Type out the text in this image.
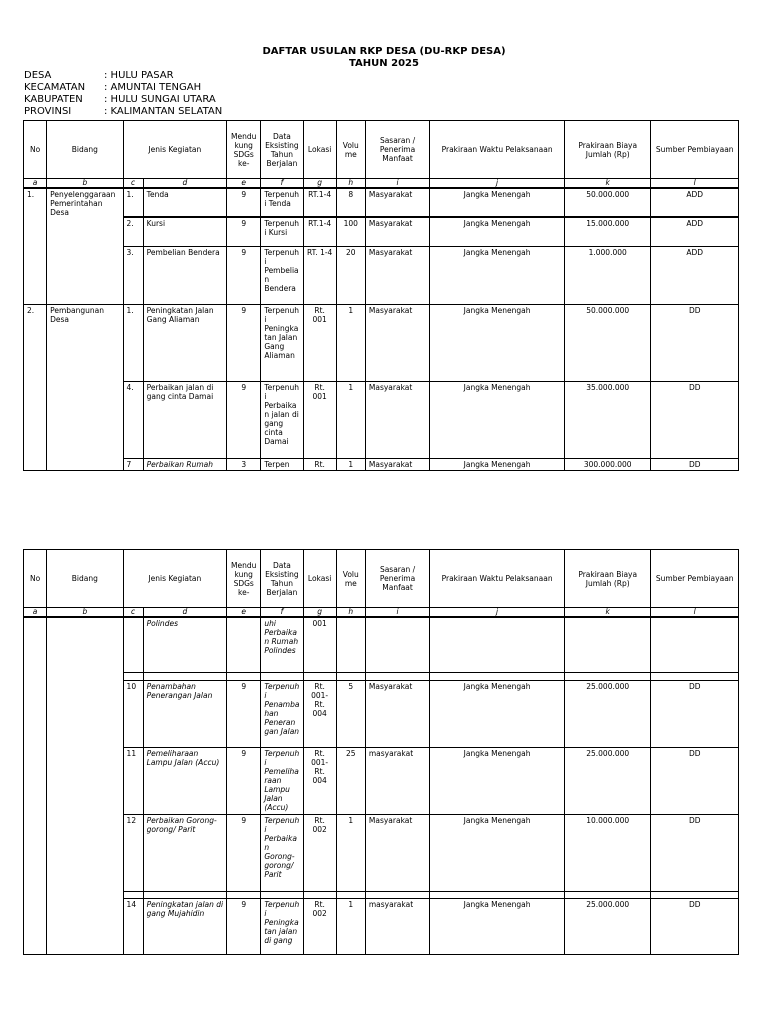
DAFTAR USULAN RKP DESA (DU-RKP DESA)
TAHUN 2025
DESA	: HULU PASAR
KECAMATAN	: AMUNTAI TENGAH
KABUPATEN	: HULU SUNGAI UTARA
PROVINSI	: KALIMANTAN SELATAN
No	Bidang	Jenis Kegiatan		Mendukung SDGs ke-	Data Eksisting Tahun Berjalan	Lokasi	Volume	Sasaran / Penerima Manfaat	Prakiraan Waktu Pelaksanaan	Prakiraan Biaya Jumlah (Rp)	Sumber Pembiayaan
a	b	c	d	e	f	g	h	i	j	k	l
1.	Penyelenggaraan Pemerintahan Desa	1.	Tenda	9	Terpenuhi Tenda	RT.1-4	8	Masyarakat	Jangka Menengah	50.000.000	ADD
		2.	Kursi	9	Terpenuhi Kursi	RT.1-4	100	Masyarakat	Jangka Menengah	15.000.000	ADD
		3.	Pembelian Bendera	9	Terpenuhi Pembelian Bendera	RT. 1-4	20	Masyarakat	Jangka Menengah	1.000.000	ADD
2.	Pembangunan Desa	1.	Peningkatan Jalan Gang Aliaman	9	Terpenuhi Peningkatan Jalan Gang Aliaman	Rt. 001	1	Masyarakat	Jangka Menengah	50.000.000	DD
		4.	Perbaikan jalan di gang cinta Damai	9	Terpenuhi Perbaikan jalan di gang cinta Damai	Rt. 001	1	Masyarakat	Jangka Menengah	35.000.000	DD
		7	Perbaikan Rumah	3	Terpen	Rt.	1	Masyarakat	Jangka Menengah	300.000.000	DD
No	Bidang	Jenis Kegiatan		Mendukung SDGs ke-	Data Eksisting Tahun Berjalan	Lokasi	Volume	Sasaran / Penerima Manfaat	Prakiraan Waktu Pelaksanaan	Prakiraan Biaya Jumlah (Rp)	Sumber Pembiayaan
a	b	c	d	e	f	g	h	i	j	k	l
			Polindes		uhi Perbaikan Rumah Polindes	001					

		10	Penambahan Penerangan Jalan	9	Terpenuhi Penambahan Penerangan Jalan	Rt. 001-Rt. 004	5	Masyarakat	Jangka Menengah	25.000.000	DD
		11	Pemeliharaan Lampu Jalan (Accu)	9	Terpenuhi Pemeliharaan Lampu Jalan (Accu)	Rt. 001-Rt. 004	25	masyarakat	Jangka Menengah	25.000.000	DD
		12	Perbaikan Gorong-gorong/ Parit	9	Terpenuhi Perbaikan Gorong-gorong/ Parit	Rt. 002	1	Masyarakat	Jangka Menengah	10.000.000	DD

		14	Peningkatan jalan di gang Mujahidin	9	Terpenuhi Peningkatan jalan di gang	Rt. 002	1	masyarakat	Jangka Menengah	25.000.000	DD
